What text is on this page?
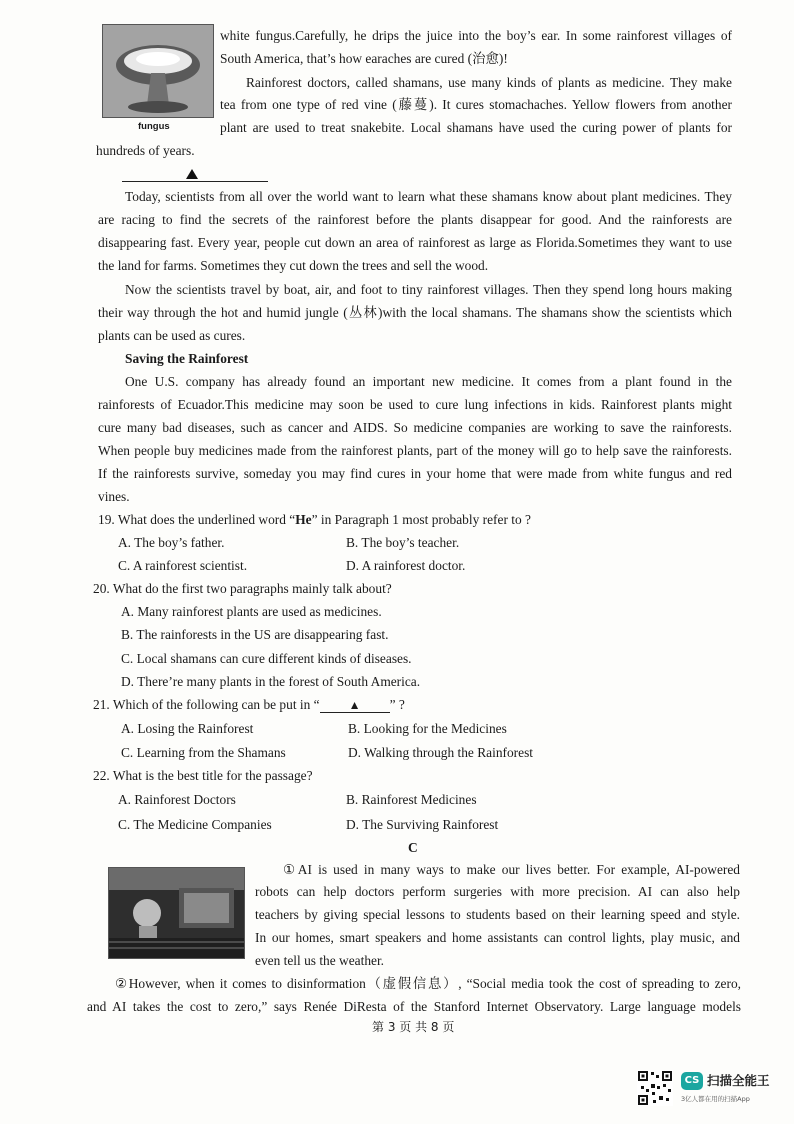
fungus
white fungus.Carefully, he drips the juice into the boy’s ear. In some rainforest villages of
South America, that’s how earaches are cured (治愈)!
Rainforest doctors, called shamans, use many kinds of plants as medicine. They make
tea from one type of red vine (藤蔓). It cures stomachaches. Yellow flowers from another
plant are used to treat snakebite. Local shamans have used the curing power of plants for
hundreds of years.
Today, scientists from all over the world want to learn what these shamans know about plant medicines. They
are racing to find the secrets of the rainforest before the plants disappear for good. And the rainforests are
disappearing fast. Every year, people cut down an area of rainforest as large as Florida.Sometimes they want to use
the land for farms. Sometimes they cut down the trees and sell the wood.
Now the scientists travel by boat, air, and foot to tiny rainforest villages. Then they spend long hours making
their way through the hot and humid jungle (丛林)with the local shamans. The shamans show the scientists which
plants can be used as cures.
Saving the Rainforest
One U.S. company has already found an important new medicine. It comes from a plant found in the
rainforests of Ecuador.This medicine may soon be used to cure lung infections in kids. Rainforest plants might
cure many bad diseases, such as cancer and AIDS. So medicine companies are working to save the rainforests.
When people buy medicines made from the rainforest plants, part of the money will go to help save the rainforests.
If the rainforests survive, someday you may find cures in your home that were made from white fungus and red
vines.
19. What does the underlined word “He” in Paragraph 1 most probably refer to ?
A. The boy’s father.	B. The boy’s teacher.
C. A rainforest scientist.	D. A rainforest doctor.
20. What do the first two paragraphs mainly talk about?
A. Many rainforest plants are used as medicines.
B. The rainforests in the US are disappearing fast.
C. Local shamans can cure different kinds of diseases.
D. There’re many plants in the forest of South America.
21. Which of the following can be put in “ ▲ ” ?
A. Losing the Rainforest	B. Looking for the Medicines
C. Learning from the Shamans	D. Walking through the Rainforest
22. What is the best title for the passage?
A. Rainforest Doctors	B. Rainforest Medicines
C. The Medicine Companies	D. The Surviving Rainforest
C
①AI is used in many ways to make our lives better. For example, AI-powered
robots can help doctors perform surgeries with more precision. AI can also help
teachers by giving special lessons to students based on their learning speed and style.
In our homes, smart speakers and home assistants can control lights, play music, and
even tell us the weather.
②However, when it comes to disinformation（虚假信息）, “Social media took the cost of spreading to zero,
and AI takes the cost to zero,” says Renée DiResta of the Stanford Internet Observatory. Large language models
第 3 页 共 8 页
CS 扫描全能王
3亿人都在用的扫描App
